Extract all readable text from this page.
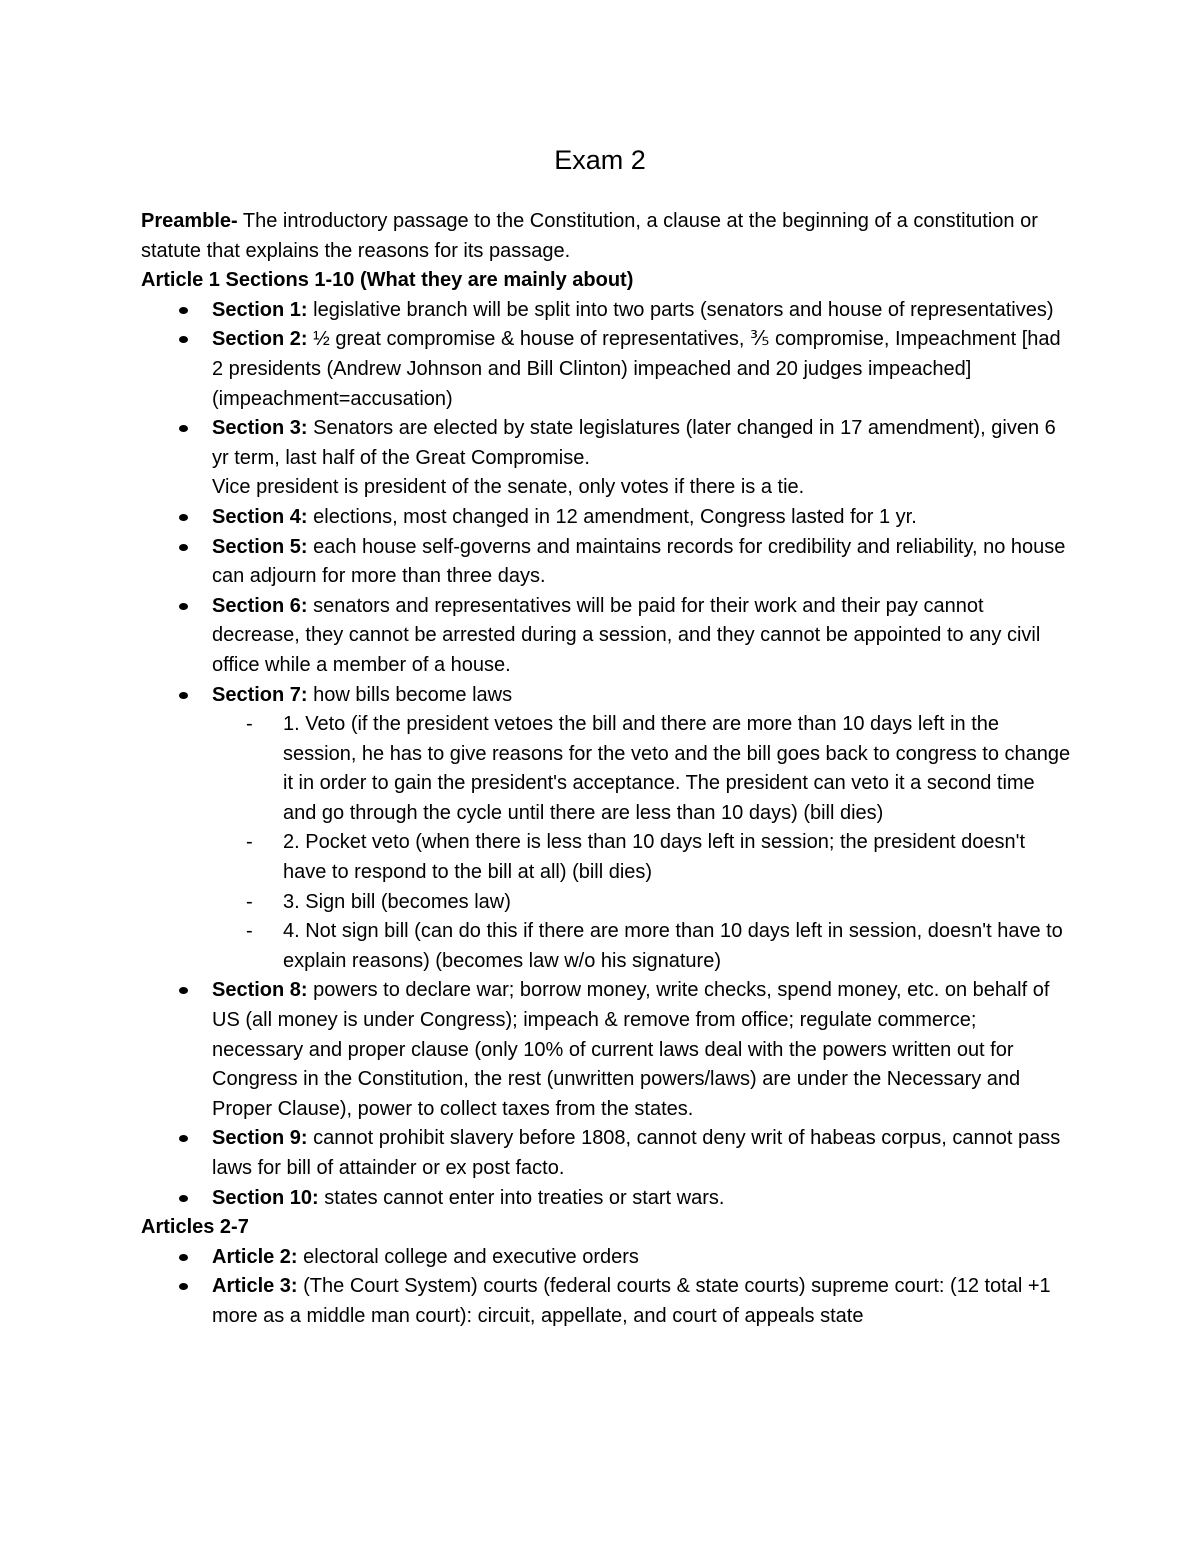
Exam 2

Preamble- The introductory passage to the Constitution, a clause at the beginning of a constitution or statute that explains the reasons for its passage.

Article 1 Sections 1-10 (What they are mainly about)

Section 1: legislative branch will be split into two parts (senators and house of representatives)
Section 2: ½ great compromise & house of representatives, ⅗ compromise, Impeachment [had 2 presidents (Andrew Johnson and Bill Clinton) impeached and 20 judges impeached] (impeachment=accusation)
Section 3: Senators are elected by state legislatures (later changed in 17 amendment), given 6 yr term, last half of the Great Compromise.
Vice president is president of the senate, only votes if there is a tie.
Section 4: elections, most changed in 12 amendment, Congress lasted for 1 yr.
Section 5: each house self-governs and maintains records for credibility and reliability, no house can adjourn for more than three days.
Section 6: senators and representatives will be paid for their work and their pay cannot decrease, they cannot be arrested during a session, and they cannot be appointed to any civil office while a member of a house.
Section 7: how bills become laws
- 1. Veto (if the president vetoes the bill and there are more than 10 days left in the session, he has to give reasons for the veto and the bill goes back to congress to change it in order to gain the president's acceptance. The president can veto it a second time and go through the cycle until there are less than 10 days) (bill dies)
- 2. Pocket veto (when there is less than 10 days left in session; the president doesn't have to respond to the bill at all) (bill dies)
- 3. Sign bill (becomes law)
- 4. Not sign bill (can do this if there are more than 10 days left in session, doesn't have to explain reasons) (becomes law w/o his signature)
Section 8: powers to declare war; borrow money, write checks, spend money, etc. on behalf of US (all money is under Congress); impeach & remove from office; regulate commerce; necessary and proper clause (only 10% of current laws deal with the powers written out for Congress in the Constitution, the rest (unwritten powers/laws) are under the Necessary and Proper Clause), power to collect taxes from the states.
Section 9: cannot prohibit slavery before 1808, cannot deny writ of habeas corpus, cannot pass laws for bill of attainder or ex post facto.
Section 10: states cannot enter into treaties or start wars.

Articles 2-7

Article 2: electoral college and executive orders
Article 3: (The Court System) courts (federal courts & state courts) supreme court: (12 total +1 more as a middle man court): circuit, appellate, and court of appeals state
